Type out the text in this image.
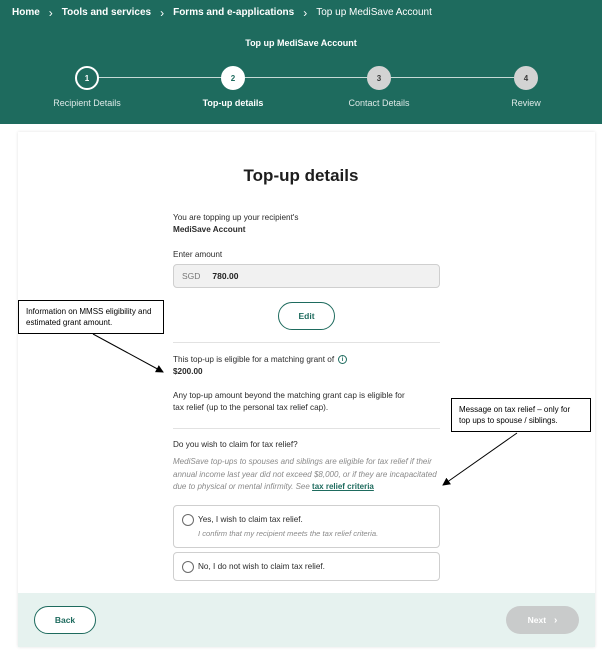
Home › Tools and services › Forms and e-applications › Top up MediSave Account
Top up MediSave Account
1
Recipient Details
2
Top-up details
3
Contact Details
4
Review
Top-up details
You are topping up your recipient's
MediSave Account
Enter amount
SGD 780.00
Edit
This top-up is eligible for a matching grant of i
$200.00
Any top-up amount beyond the matching grant cap is eligible for
tax relief (up to the personal tax relief cap).
Do you wish to claim for tax relief?
MediSave top-ups to spouses and siblings are eligible for tax relief if their annual income last year did not exceed $8,000, or if they are incapacitated due to physical or mental infirmity. See tax relief criteria
Yes, I wish to claim tax relief.
I confirm that my recipient meets the tax relief criteria.
No, I do not wish to claim tax relief.
Back	Next ›
Information on MMSS eligibility and estimated grant amount.
Message on tax relief – only for top ups to spouse / siblings.
